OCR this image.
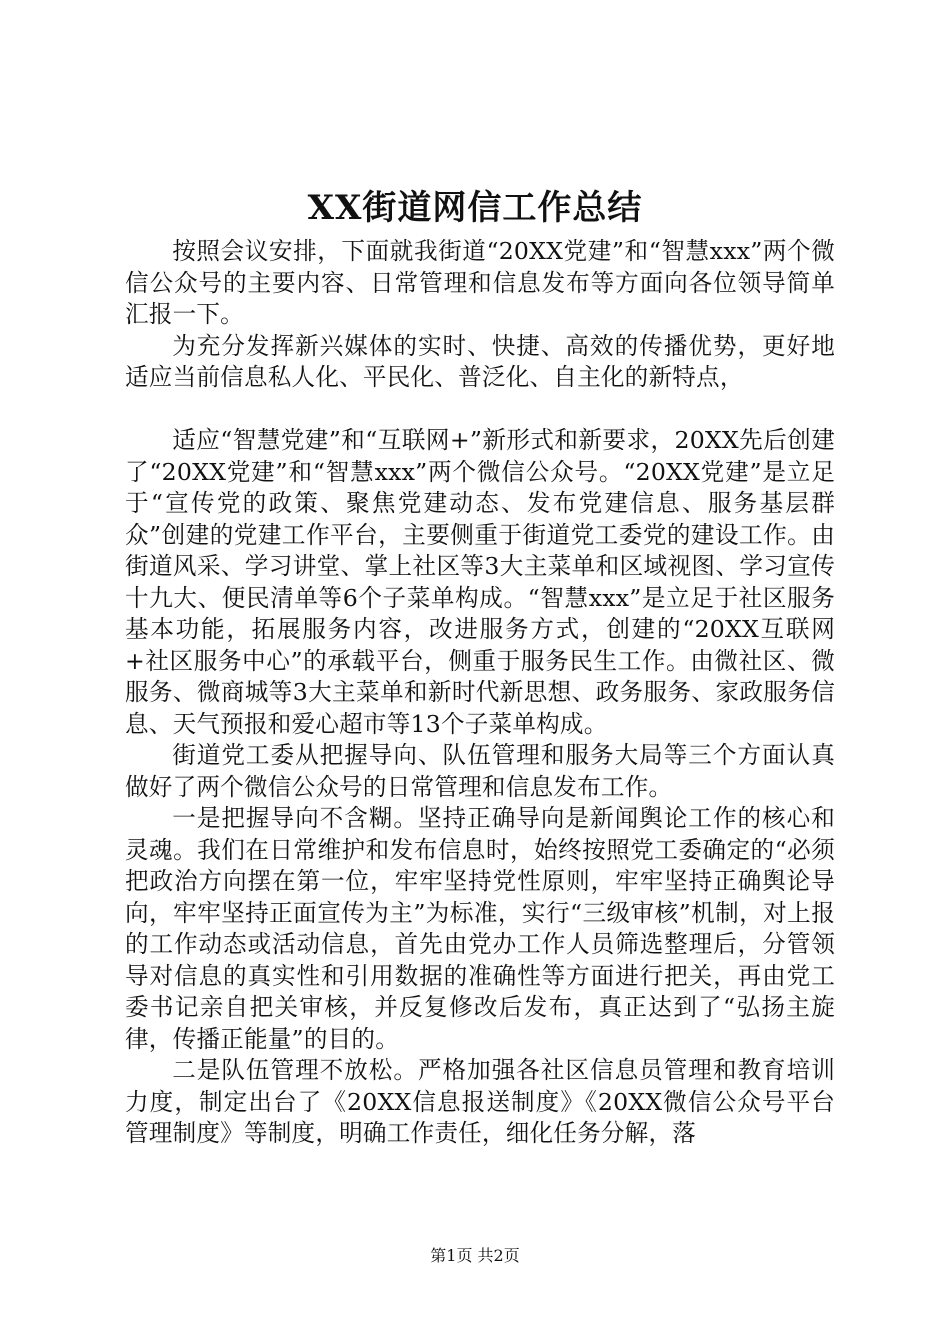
XX街道网信工作总结

按照会议安排，下面就我街道“20XX党建”和“智慧xxx”两个微信公众号的主要内容、日常管理和信息发布等方面向各位领导简单汇报一下。

为充分发挥新兴媒体的实时、快捷、高效的传播优势，更好地适应当前信息私人化、平民化、普泛化、自主化的新特点，

适应“智慧党建”和“互联网+”新形式和新要求，20XX先后创建了“20XX党建”和“智慧xxx”两个微信公众号。“20XX党建”是立足于“宣传党的政策、聚焦党建动态、发布党建信息、服务基层群众”创建的党建工作平台，主要侧重于街道党工委党的建设工作。由街道风采、学习讲堂、掌上社区等3大主菜单和区域视图、学习宣传十九大、便民清单等6个子菜单构成。“智慧xxx”是立足于社区服务基本功能，拓展服务内容，改进服务方式，创建的“20XX互联网+社区服务中心”的承载平台，侧重于服务民生工作。由微社区、微服务、微商城等3大主菜单和新时代新思想、政务服务、家政服务信息、天气预报和爱心超市等13个子菜单构成。

街道党工委从把握导向、队伍管理和服务大局等三个方面认真做好了两个微信公众号的日常管理和信息发布工作。

一是把握导向不含糊。坚持正确导向是新闻舆论工作的核心和灵魂。我们在日常维护和发布信息时，始终按照党工委确定的“必须把政治方向摆在第一位，牢牢坚持党性原则，牢牢坚持正确舆论导向，牢牢坚持正面宣传为主”为标准，实行“三级审核”机制，对上报的工作动态或活动信息，首先由党办工作人员筛选整理后，分管领导对信息的真实性和引用数据的准确性等方面进行把关，再由党工委书记亲自把关审核，并反复修改后发布，真正达到了“弘扬主旋律，传播正能量”的目的。

二是队伍管理不放松。严格加强各社区信息员管理和教育培训力度，制定出台了《20XX信息报送制度》《20XX微信公众号平台管理制度》等制度，明确工作责任，细化任务分解，落

第1页 共2页
